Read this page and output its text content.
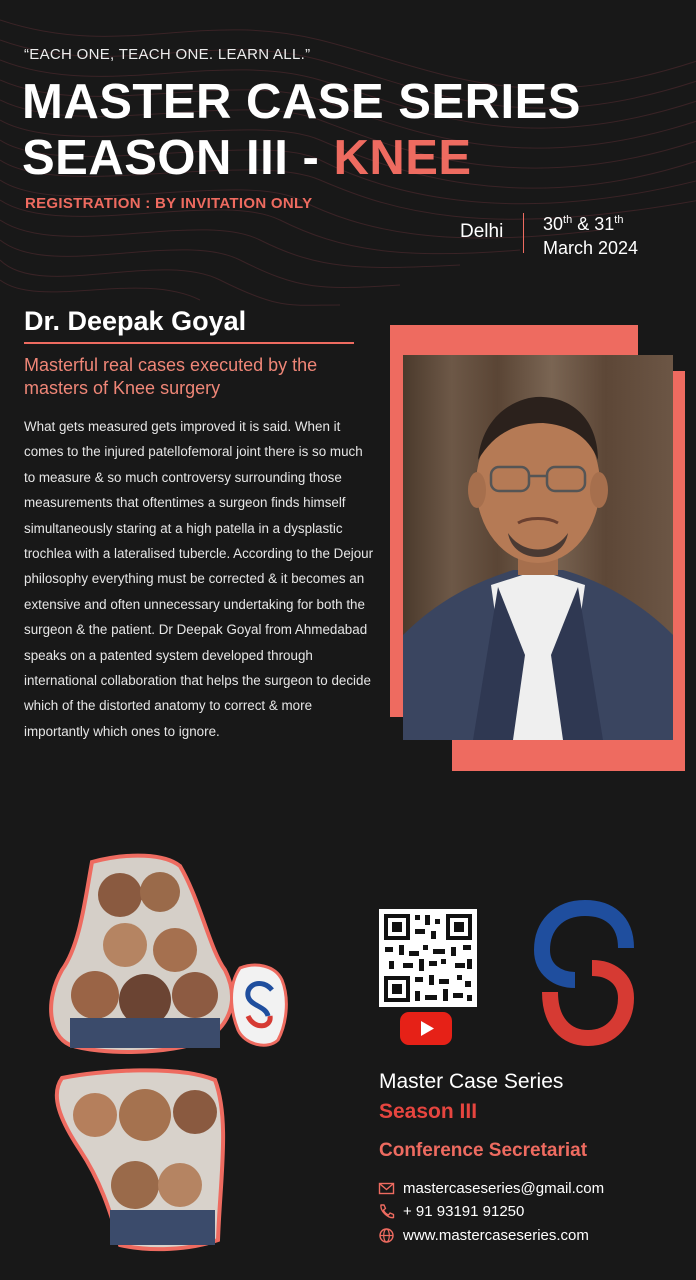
“EACH ONE, TEACH ONE. LEARN ALL.”
MASTER CASE SERIES
SEASON III - KNEE
REGISTRATION : BY INVITATION ONLY
Delhi 30th & 31th
March 2024
Dr. Deepak Goyal
Masterful real cases executed by the masters of Knee surgery
What gets measured gets improved it is said. When it comes to the injured patellofemoral joint there is so much to measure & so much controversy surrounding those measurements that oftentimes a surgeon finds himself simultaneously staring at a high patella in a dysplastic trochlea with a lateralised tubercle. According to the Dejour philosophy everything must be corrected & it becomes an extensive and often unnecessary undertaking for both the surgeon & the patient. Dr Deepak Goyal from Ahmedabad speaks on a patented system developed through international collaboration that helps the surgeon to decide which of the distorted anatomy to correct & more importantly which ones to ignore.
Master Case Series
Season III
Conference Secretariat
mastercaseseries@gmail.com
+ 91 93191 91250
www.mastercaseseries.com
